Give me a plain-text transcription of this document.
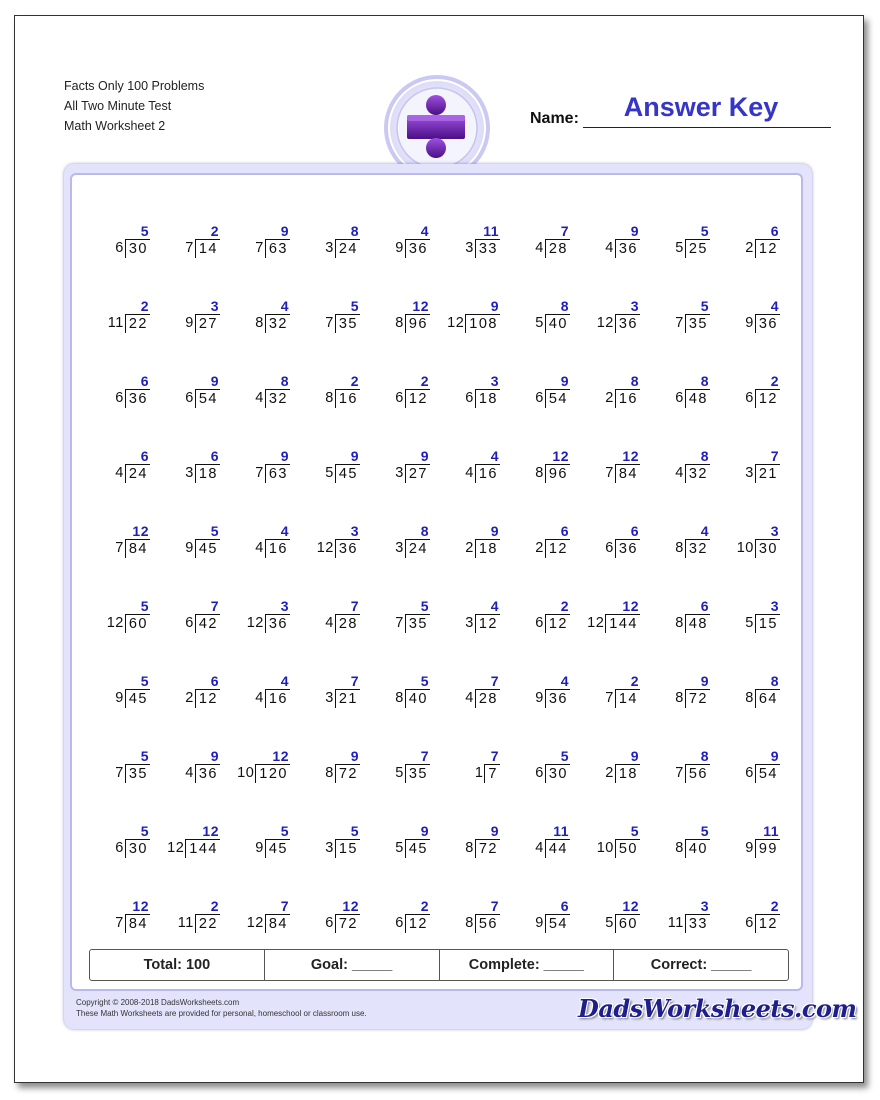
Facts Only 100 Problems
All Two Minute Test
Math Worksheet 2	Name:	Answer Key
5
6 30
2
7 14
9
7 63
8
3 24
4
9 36
11
3 33
7
4 28
9
4 36
5
5 25
6
2 12
2
11 22
3
9 27
4
8 32
5
7 35
12
8 96
9
12 108
8
5 40
3
12 36
5
7 35
4
9 36
6
6 36
9
6 54
8
4 32
2
8 16
2
6 12
3
6 18
9
6 54
8
2 16
8
6 48
2
6 12
6
4 24
6
3 18
9
7 63
9
5 45
9
3 27
4
4 16
12
8 96
12
7 84
8
4 32
7
3 21
12
7 84
5
9 45
4
4 16
3
12 36
8
3 24
9
2 18
6
2 12
6
6 36
4
8 32
3
10 30
5
12 60
7
6 42
3
12 36
7
4 28
5
7 35
4
3 12
2
6 12
12
12 144
6
8 48
3
5 15
5
9 45
6
2 12
4
4 16
7
3 21
5
8 40
7
4 28
4
9 36
2
7 14
9
8 72
8
8 64
5
7 35
9
4 36
12
10 120
9
8 72
7
5 35
7
1 7
5
6 30
9
2 18
8
7 56
9
6 54
5
6 30
12
12 144
5
9 45
5
3 15
9
5 45
9
8 72
11
4 44
5
10 50
5
8 40
11
9 99
12
7 84
2
11 22
7
12 84
12
6 72
2
6 12
7
8 56
6
9 54
12
5 60
3
11 33
2
6 12
Total: 100	Goal: _____	Complete: _____	Correct: _____
Copyright © 2008-2018 DadsWorksheets.com
These Math Worksheets are provided for personal, homeschool or classroom use.	DadsWorksheets.com
